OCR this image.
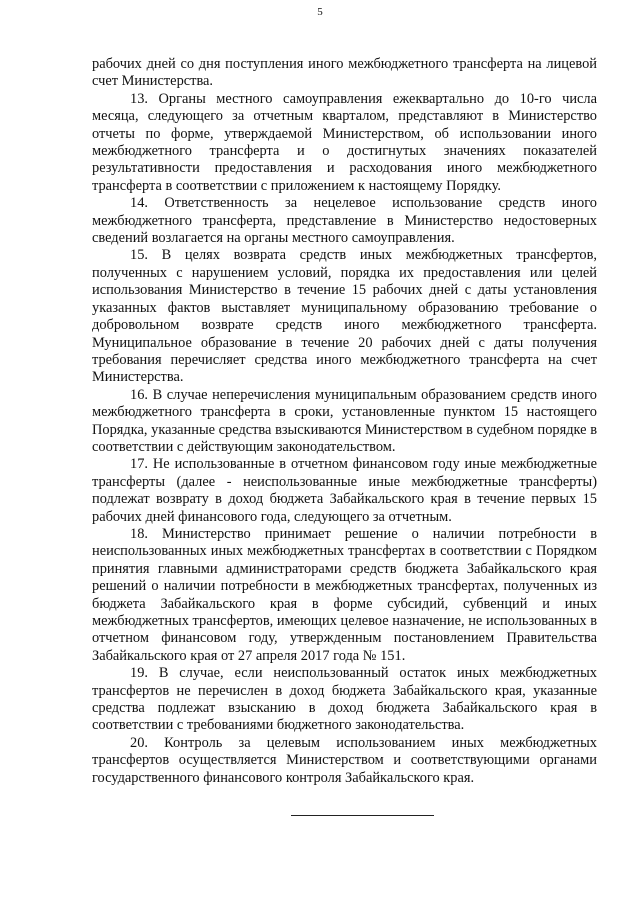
5

рабочих дней со дня поступления иного межбюджетного трансферта на лицевой счет Министерства.

13. Органы местного самоуправления ежеквартально до 10-го числа месяца, следующего за отчетным кварталом, представляют в Министерство отчеты по форме, утверждаемой Министерством, об использовании иного межбюджетного трансферта и о достигнутых значениях показателей результативности предоставления и расходования иного межбюджетного трансферта в соответствии с приложением к настоящему Порядку.

14. Ответственность за нецелевое использование средств иного межбюджетного трансферта, представление в Министерство недостоверных сведений возлагается на органы местного самоуправления.

15. В целях возврата средств иных межбюджетных трансфертов, полученных с нарушением условий, порядка их предоставления или целей использования Министерство в течение 15 рабочих дней с даты установления указанных фактов выставляет муниципальному образованию требование о добровольном возврате средств иного межбюджетного трансферта. Муниципальное образование в течение 20 рабочих дней с даты получения требования перечисляет средства иного межбюджетного трансферта на счет Министерства.

16. В случае неперечисления муниципальным образованием средств иного межбюджетного трансферта в сроки, установленные пунктом 15 настоящего Порядка, указанные средства взыскиваются Министерством в судебном порядке в соответствии с действующим законодательством.

17. Не использованные в отчетном финансовом году иные межбюджетные трансферты (далее - неиспользованные иные межбюджетные трансферты) подлежат возврату в доход бюджета Забайкальского края в течение первых 15 рабочих дней финансового года, следующего за отчетным.

18. Министерство принимает решение о наличии потребности в неиспользованных иных межбюджетных трансфертах в соответствии с Порядком принятия главными администраторами средств бюджета Забайкальского края решений о наличии потребности в межбюджетных трансфертах, полученных из бюджета Забайкальского края в форме субсидий, субвенций и иных межбюджетных трансфертов, имеющих целевое назначение, не использованных в отчетном финансовом году, утвержденным постановлением Правительства Забайкальского края от 27 апреля 2017 года № 151.

19. В случае, если неиспользованный остаток иных межбюджетных трансфертов не перечислен в доход бюджета Забайкальского края, указанные средства подлежат взысканию в доход бюджета Забайкальского края в соответствии с требованиями бюджетного законодательства.

20. Контроль за целевым использованием иных межбюджетных трансфертов осуществляется Министерством и соответствующими органами государственного финансового контроля Забайкальского края.
